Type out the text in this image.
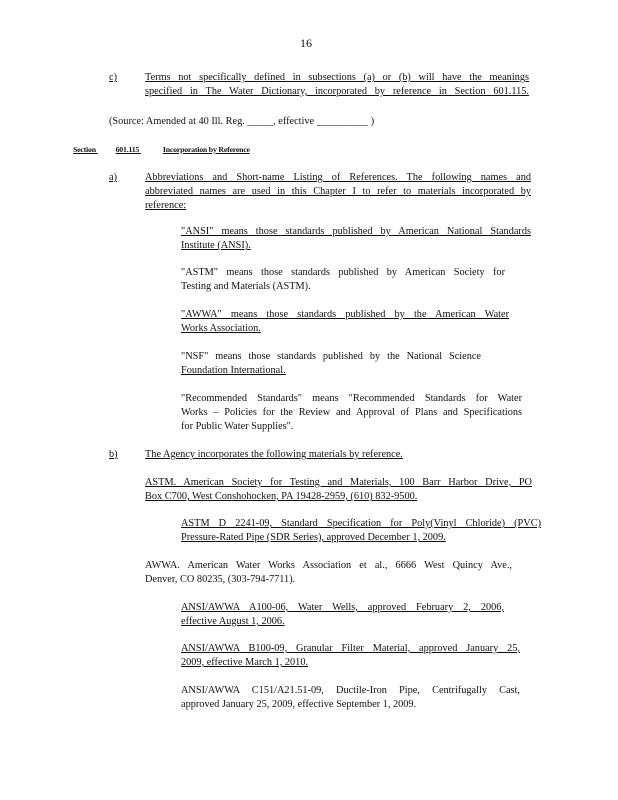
16
c)	Terms not specifically defined in subsections (a) or (b) will have the meanings
specified in The Water Dictionary, incorporated by reference in Section 601.115.
(Source: Amended at 40 Ill. Reg. _____, effective __________ )
Section	601.115	Incorporation by Reference
a)	Abbreviations and Short-name Listing of References. The following names and
abbreviated names are used in this Chapter I to refer to materials incorporated by
reference:
"ANSI" means those standards published by American National Standards
Institute (ANSI).
"ASTM" means those standards published by American Society for
Testing and Materials (ASTM).
"AWWA" means those standards published by the American Water
Works Association.
"NSF" means those standards published by the National Science
Foundation International.
"Recommended Standards" means "Recommended Standards for Water
Works – Policies for the Review and Approval of Plans and Specifications
for Public Water Supplies".
b)	The Agency incorporates the following materials by reference.
ASTM. American Society for Testing and Materials, 100 Barr Harbor Drive, PO
Box C700, West Conshohocken, PA 19428-2959, (610) 832-9500.
ASTM D 2241-09, Standard Specification for Poly(Vinyl Chloride) (PVC)
Pressure-Rated Pipe (SDR Series), approved December 1, 2009.
AWWA. American Water Works Association et al., 6666 West Quincy Ave.,
Denver, CO 80235, (303-794-7711).
ANSI/AWWA A100-06, Water Wells, approved February 2, 2006,
effective August 1, 2006.
ANSI/AWWA B100-09, Granular Filter Material, approved January 25,
2009, effective March 1, 2010.
ANSI/AWWA C151/A21.51-09, Ductile-Iron Pipe, Centrifugally Cast,
approved January 25, 2009, effective September 1, 2009.
